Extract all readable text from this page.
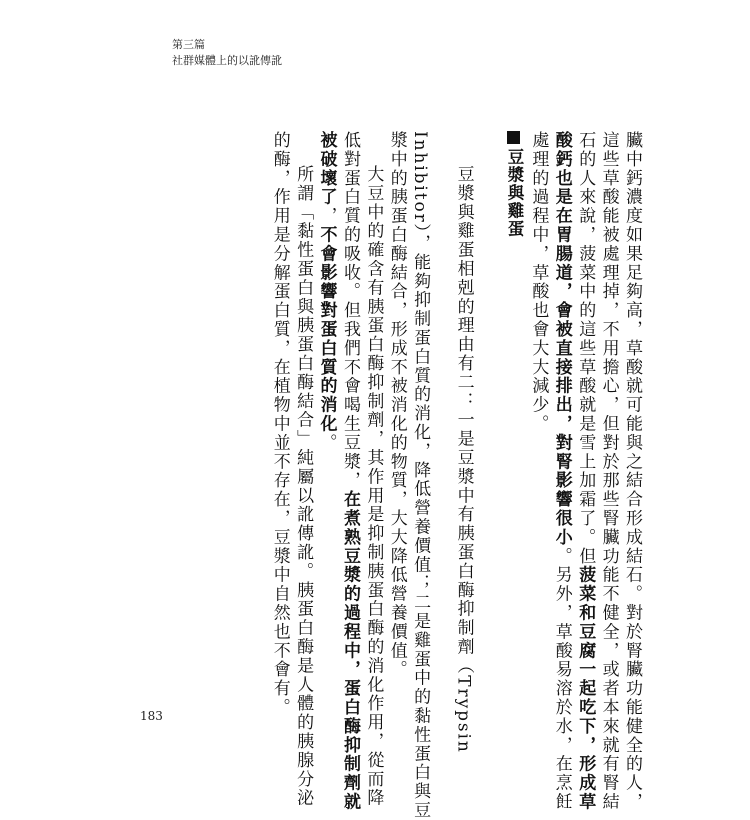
第三篇
社群媒體上的以訛傳訛

臟中鈣濃度如果足夠高，草酸就可能與之結合形成結石。對於腎臟功能健全的人，

這些草酸能被處理掉，不用擔心，但對於那些腎臟功能不健全，或者本來就有腎結

石的人來說，菠菜中的這些草酸就是雪上加霜了。但菠菜和豆腐一起吃下，形成草

酸鈣也是在胃腸道，會被直接排出，對腎影響很小。另外，草酸易溶於水，在烹飪

處理的過程中，草酸也會大大減少。

豆漿與雞蛋

豆漿與雞蛋相剋的理由有二：一是豆漿中有胰蛋白酶抑制劑（Trypsin

Inhibitor），能夠抑制蛋白質的消化，降低營養價值；二是雞蛋中的黏性蛋白與豆

漿中的胰蛋白酶結合，形成不被消化的物質，大大降低營養價值。

大豆中的確含有胰蛋白酶抑制劑，其作用是抑制胰蛋白酶的消化作用，從而降

低對蛋白質的吸收。但我們不會喝生豆漿，在煮熟豆漿的過程中，蛋白酶抑制劑就

被破壞了，不會影響對蛋白質的消化。

所謂「黏性蛋白與胰蛋白酶結合」純屬以訛傳訛。胰蛋白酶是人體的胰腺分泌

的酶，作用是分解蛋白質，在植物中並不存在，豆漿中自然也不會有。

183
